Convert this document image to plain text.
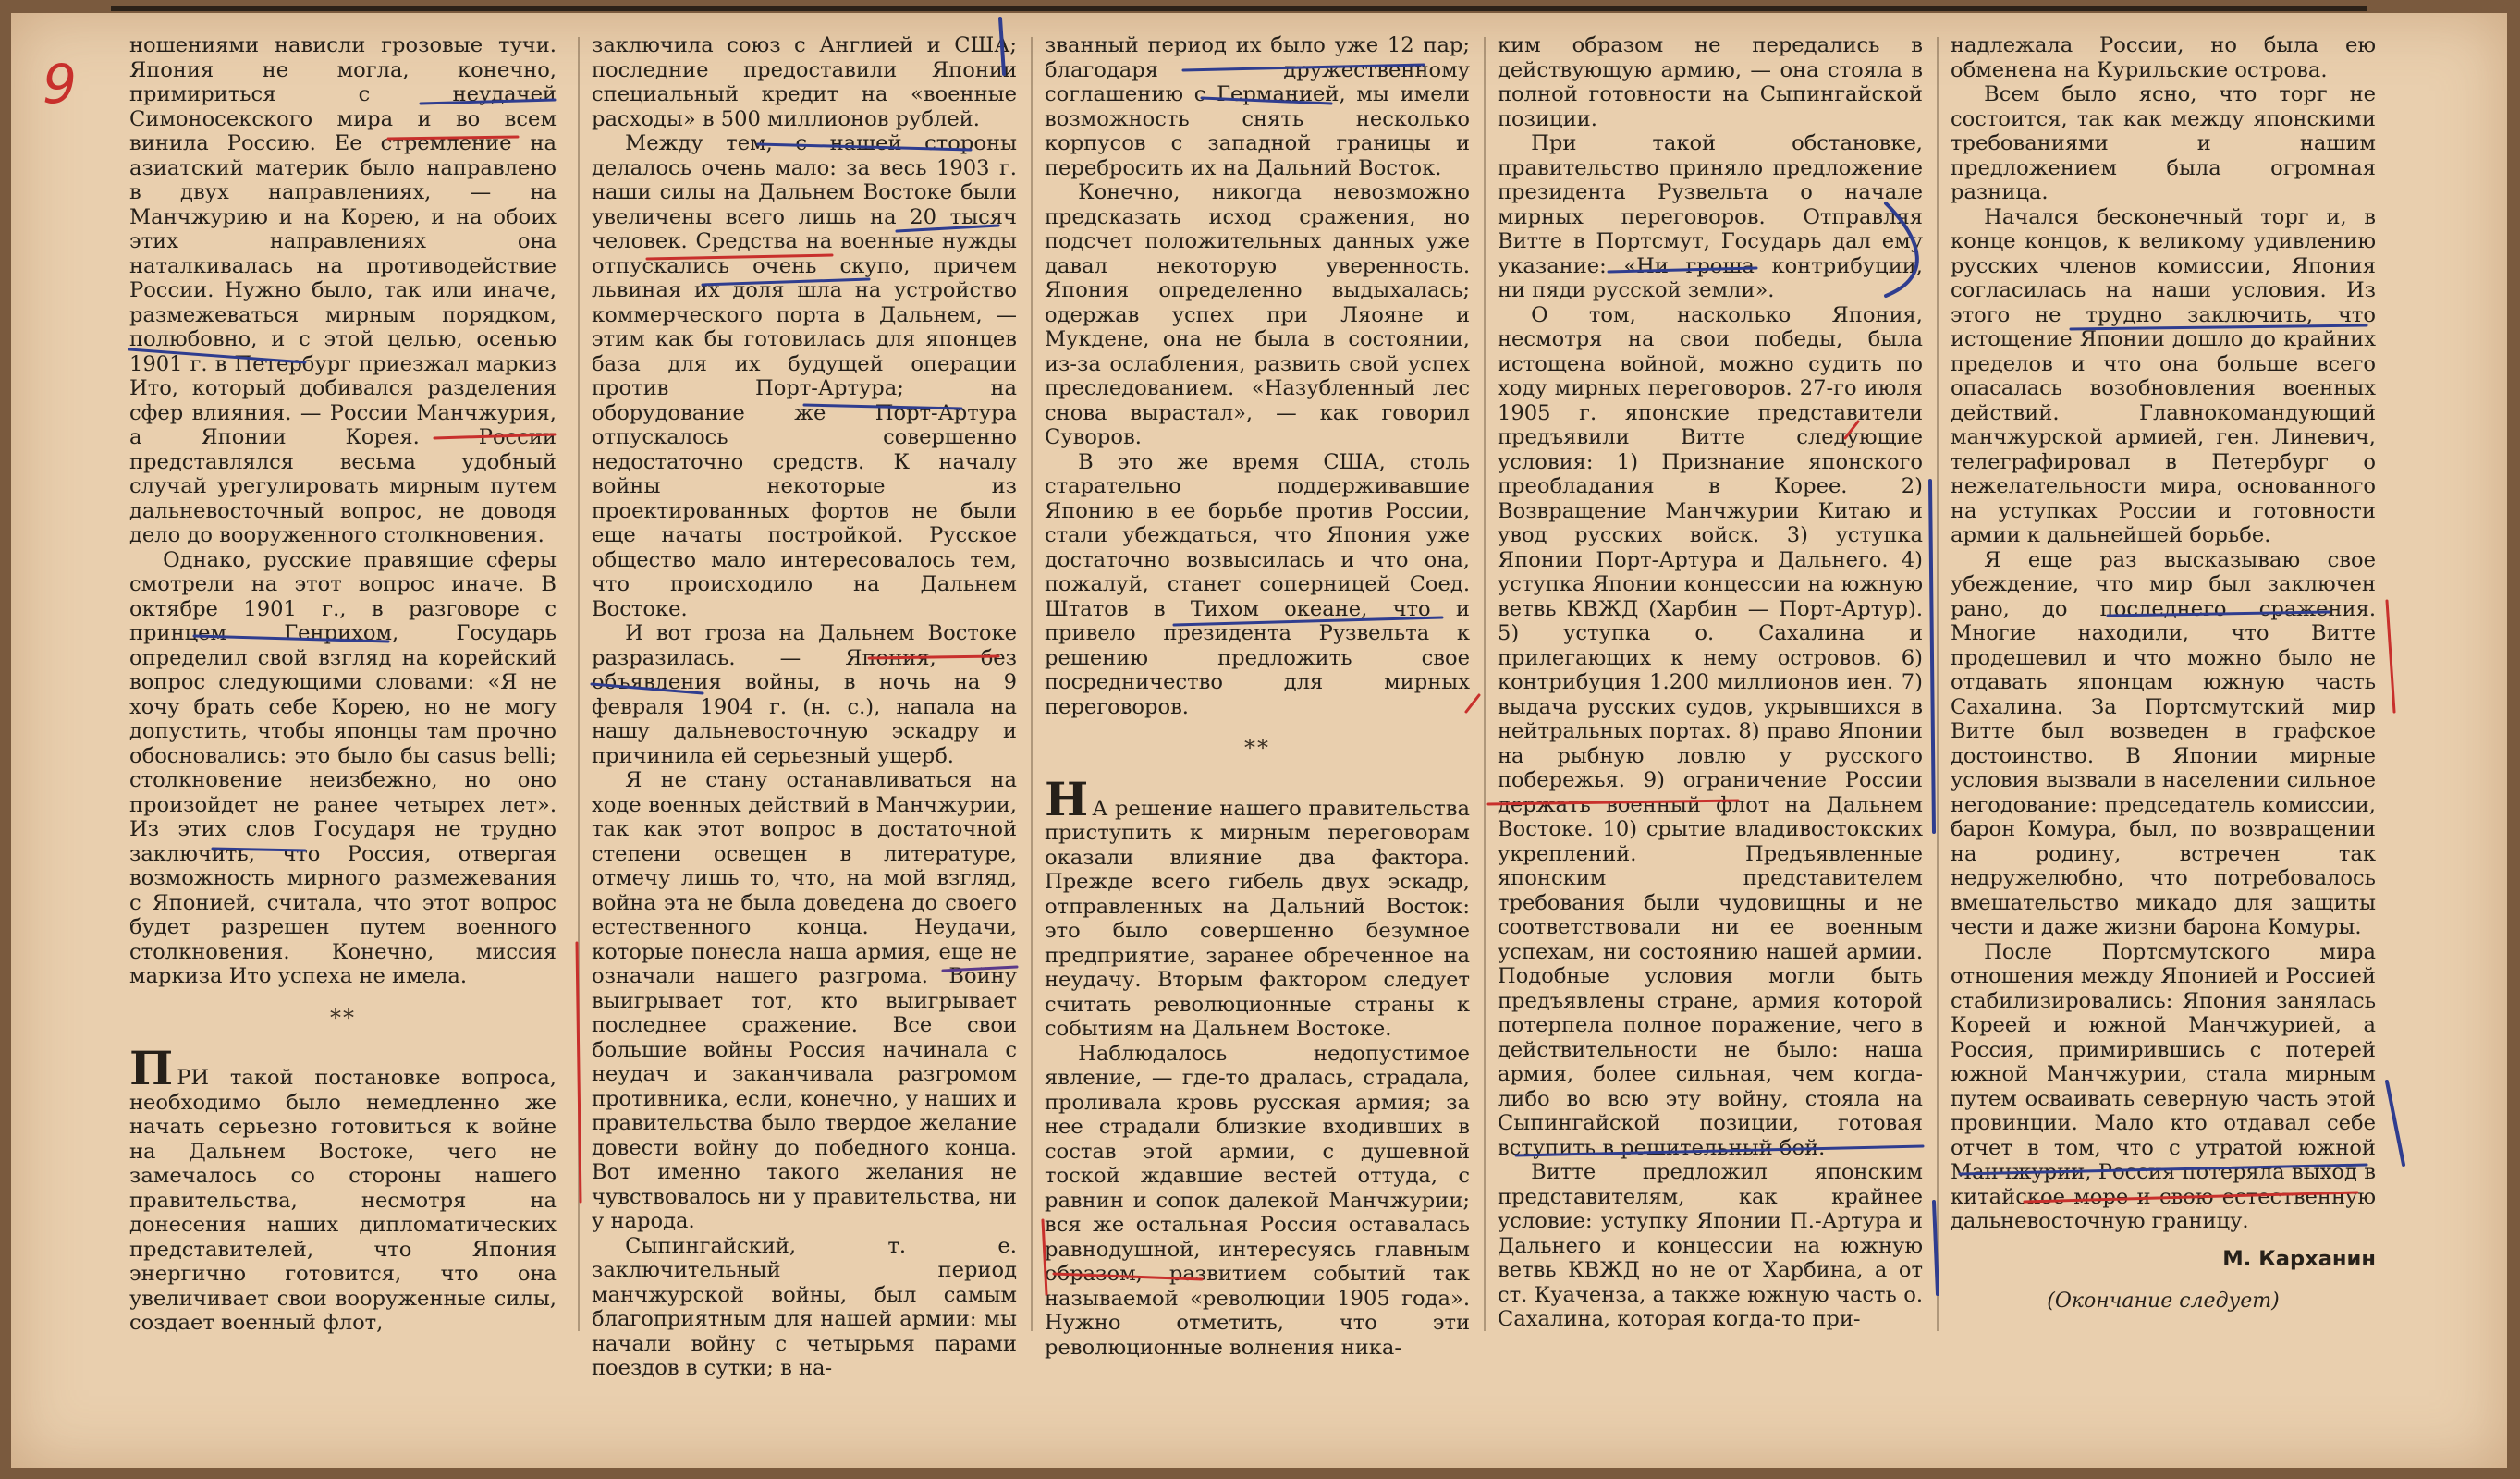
9

ношениями нависли грозовые тучи. Япония не могла, конечно, примириться с неудачей Симоносекского мира и во всем винила Россию. Ее стремление на азиатский материк было направлено в двух направлениях, — на Манчжурию и на Корею, и на обоих этих направлениях она наталкивалась на противодействие России. Нужно было, так или иначе, размежеваться мирным порядком, полюбовно, и с этой целью, осенью 1901 г. в Петербург приезжал маркиз Ито, который добивался разделения сфер влияния. — России Манчжурия, а Японии Корея. России представлялся весьма удобный случай урегулировать мирным путем дальневосточный вопрос, не доводя дело до вооруженного столкновения.

Однако, русские правящие сферы смотрели на этот вопрос иначе. В октябре 1901 г., в разговоре с принцем Генрихом, Государь определил свой взгляд на корейский вопрос следующими словами: «Я не хочу брать себе Корею, но не могу допустить, чтобы японцы там прочно обосновались: это было бы casus belli; столкновение неизбежно, но оно произойдет не ранее четырех лет». Из этих слов Государя не трудно заключить, что Россия, отвергая возможность мирного размежевания с Японией, считала, что этот вопрос будет разрешен путем военного столкновения. Конечно, миссия маркиза Ито успеха не имела.

**

ПРИ такой постановке вопроса, необходимо было немедленно же начать серьезно готовиться к войне на Дальнем Востоке, чего не замечалось со стороны нашего правительства, несмотря на донесения наших дипломатических представителей, что Япония энергично готовится, что она увеличивает свои вооруженные силы, создает военный флот,

заключила союз с Англией и США; последние предоставили Японии специальный кредит на «военные расходы» в 500 миллионов рублей.

Между тем, с нашей стороны делалось очень мало: за весь 1903 г. наши силы на Дальнем Востоке были увеличены всего лишь на 20 тысяч человек. Средства на военные нужды отпускались очень скупо, причем львиная их доля шла на устройство коммерческого порта в Дальнем, — этим как бы готовилась для японцев база для их будущей операции против Порт-Артура; на оборудование же Порт-Артура отпускалось совершенно недостаточно средств. К началу войны некоторые из проектированных фортов не были еще начаты постройкой. Русское общество мало интересовалось тем, что происходило на Дальнем Востоке.

И вот гроза на Дальнем Востоке разразилась. — Япония, без объявления войны, в ночь на 9 февраля 1904 г. (н. с.), напала на нашу дальневосточную эскадру и причинила ей серьезный ущерб.

Я не стану останавливаться на ходе военных действий в Манчжурии, так как этот вопрос в достаточной степени освещен в литературе, отмечу лишь то, что, на мой взгляд, война эта не была доведена до своего естественного конца. Неудачи, которые понесла наша армия, еще не означали нашего разгрома. Войну выигрывает тот, кто выигрывает последнее сражение. Все свои большие войны Россия начинала с неудач и заканчивала разгромом противника, если, конечно, у наших и правительства было твердое желание довести войну до победного конца. Вот именно такого желания не чувствовалось ни у правительства, ни у народа.

Сыпингайский, т. е. заключительный период манчжурской войны, был самым благоприятным для нашей армии: мы начали войну с четырьмя парами поездов в сутки; в на-

званный период их было уже 12 пар; благодаря дружественному соглашению с Германией, мы имели возможность снять несколько корпусов с западной границы и перебросить их на Дальний Восток.

Конечно, никогда невозможно предсказать исход сражения, но подсчет положительных данных уже давал некоторую уверенность. Япония определенно выдыхалась; одержав успех при Ляояне и Мукдене, она не была в состоянии, из-за ослабления, развить свой успех преследованием. «Назубленный лес снова вырастал», — как говорил Суворов.

В это же время США, столь старательно поддерживавшие Японию в ее борьбе против России, стали убеждаться, что Япония уже достаточно возвысилась и что она, пожалуй, станет соперницей Соед. Штатов в Тихом океане, что и привело президента Рузвельта к решению предложить свое посредничество для мирных переговоров.

**

Н А решение нашего правительства приступить к мирным переговорам оказали влияние два фактора. Прежде всего гибель двух эскадр, отправленных на Дальний Восток: это было совершенно безумное предприятие, заранее обреченное на неудачу. Вторым фактором следует считать революционные страны к событиям на Дальнем Востоке.

Наблюдалось недопустимое явление, — где-то дралась, страдала, проливала кровь русская армия; за нее страдали близкие входивших в состав этой армии, с душевной тоской ждавшие вестей оттуда, с равнин и сопок далекой Манчжурии; вся же остальная Россия оставалась равнодушной, интересуясь главным образом, развитием событий так называемой «революции 1905 года». Нужно отметить, что эти революционные волнения ника-

ким образом не передались в действующую армию, — она стояла в полной готовности на Сыпингайской позиции.

При такой обстановке, правительство приняло предложение президента Рузвельта о начале мирных переговоров. Отправляя Витте в Портсмут, Государь дал ему указание: «Ни гроша контрибуции, ни пяди русской земли».

О том, насколько Япония, несмотря на свои победы, была истощена войной, можно судить по ходу мирных переговоров. 27-го июля 1905 г. японские представители предъявили Витте следующие условия: 1) Признание японского преобладания в Корее. 2) Возвращение Манчжурии Китаю и увод русских войск. 3) уступка Японии Порт-Артура и Дальнего. 4) уступка Японии концессии на южную ветвь КВЖД (Харбин — Порт-Артур). 5) уступка о. Сахалина и прилегающих к нему островов. 6) контрибуция 1.200 миллионов иен. 7) выдача русских судов, укрывшихся в нейтральных портах. 8) право Японии на рыбную ловлю у русского побережья. 9) ограничение России держать военный флот на Дальнем Востоке. 10) срытие владивостокских укреплений. Предъявленные японским представителем требования были чудовищны и не соответствовали ни ее военным успехам, ни состоянию нашей армии. Подобные условия могли быть предъявлены стране, армия которой потерпела полное поражение, чего в действительности не было: наша армия, более сильная, чем когда-либо во всю эту войну, стояла на Сыпингайской позиции, готовая вступить в решительный бой.

Витте предложил японским представителям, как крайнее условие: уступку Японии П.-Артура и Дальнего и концессии на южную ветвь КВЖД но не от Харбина, а от ст. Куаченза, а также южную часть о. Сахалина, которая когда-то при-

надлежала России, но была ею обменена на Курильские острова.

Всем было ясно, что торг не состоится, так как между японскими требованиями и нашим предложением была огромная разница.

Начался бесконечный торг и, в конце концов, к великому удивлению русских членов комиссии, Япония согласилась на наши условия. Из этого не трудно заключить, что истощение Японии дошло до крайних пределов и что она больше всего опасалась возобновления военных действий. Главнокомандующий манчжурской армией, ген. Линевич, телеграфировал в Петербург о нежелательности мира, основанного на уступках России и готовности армии к дальнейшей борьбе.

Я еще раз высказываю свое убеждение, что мир был заключен рано, до последнего сражения. Многие находили, что Витте продешевил и что можно было не отдавать японцам южную часть Сахалина. За Портсмутский мир Витте был возведен в графское достоинство. В Японии мирные условия вызвали в населении сильное негодование: председатель комиссии, барон Комура, был, по возвращении на родину, встречен так недружелюбно, что потребовалось вмешательство микадо для защиты чести и даже жизни барона Комуры.

После Портсмутского мира отношения между Японией и Россией стабилизировались: Япония занялась Кореей и южной Манчжурией, а Россия, примирившись с потерей южной Манчжурии, стала мирным путем осваивать северную часть этой провинции. Мало кто отдавал себе отчет в том, что с утратой южной Манчжурии, Россия потеряла выход в китайское море и свою естественную дальневосточную границу.

М. Карханин
(Окончание следует)
